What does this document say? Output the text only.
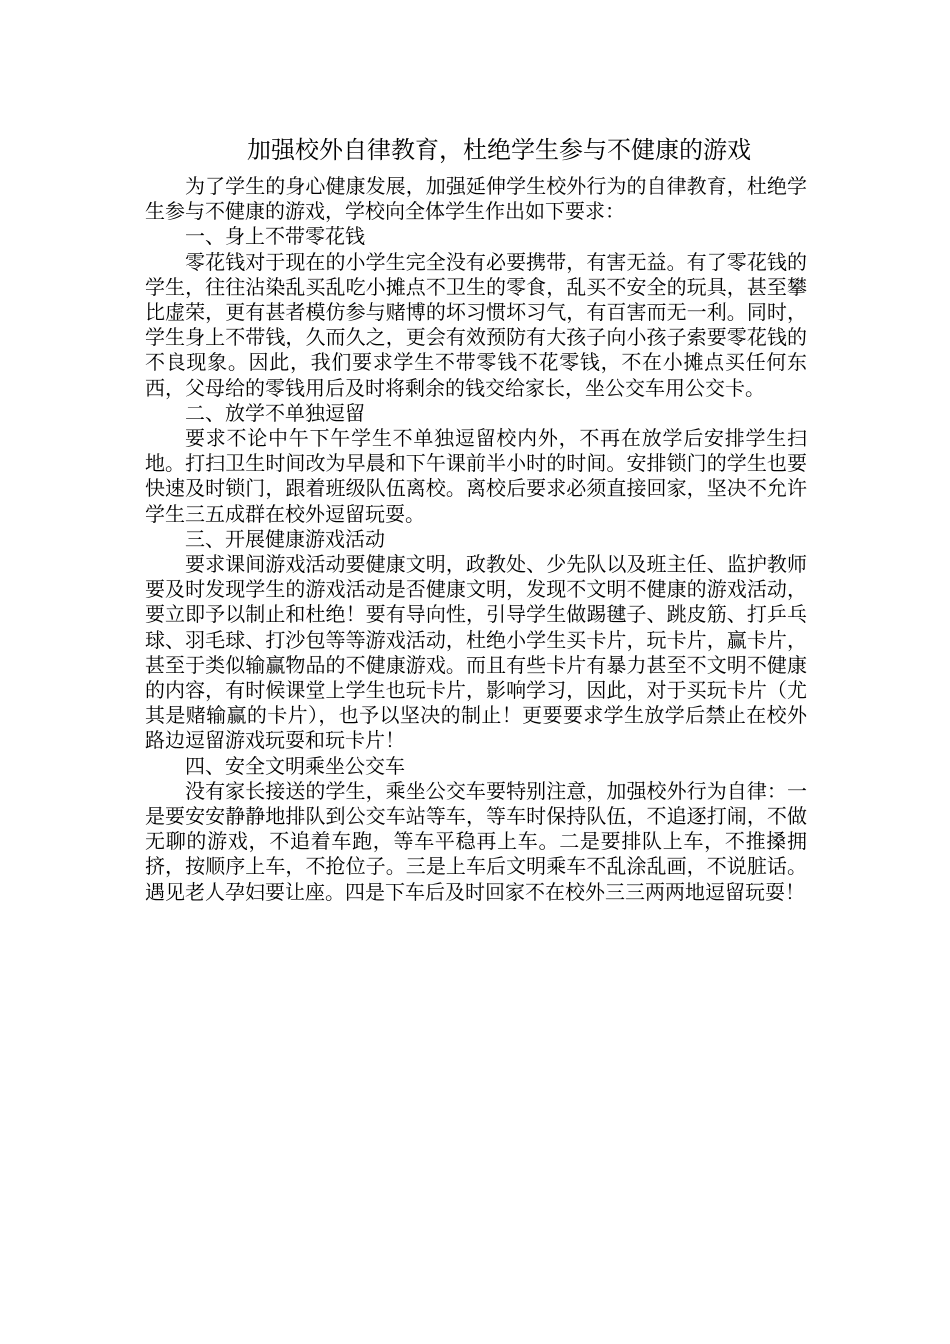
加强校外自律教育，杜绝学生参与不健康的游戏

为了学生的身心健康发展，加强延伸学生校外行为的自律教育，杜绝学生参与不健康的游戏，学校向全体学生作出如下要求：

一、身上不带零花钱

零花钱对于现在的小学生完全没有必要携带，有害无益。有了零花钱的学生，往往沾染乱买乱吃小摊点不卫生的零食，乱买不安全的玩具，甚至攀比虚荣，更有甚者模仿参与赌博的坏习惯坏习气，有百害而无一利。同时，学生身上不带钱，久而久之，更会有效预防有大孩子向小孩子索要零花钱的不良现象。因此，我们要求学生不带零钱不花零钱，不在小摊点买任何东西，父母给的零钱用后及时将剩余的钱交给家长，坐公交车用公交卡。

二、放学不单独逗留

要求不论中午下午学生不单独逗留校内外，不再在放学后安排学生扫地。打扫卫生时间改为早晨和下午课前半小时的时间。安排锁门的学生也要快速及时锁门，跟着班级队伍离校。离校后要求必须直接回家，坚决不允许学生三五成群在校外逗留玩耍。

三、开展健康游戏活动

要求课间游戏活动要健康文明，政教处、少先队以及班主任、监护教师要及时发现学生的游戏活动是否健康文明，发现不文明不健康的游戏活动，要立即予以制止和杜绝！要有导向性，引导学生做踢毽子、跳皮筋、打乒乓球、羽毛球、打沙包等等游戏活动，杜绝小学生买卡片，玩卡片，赢卡片，甚至于类似输赢物品的不健康游戏。而且有些卡片有暴力甚至不文明不健康的内容，有时候课堂上学生也玩卡片，影响学习，因此，对于买玩卡片（尤其是赌输赢的卡片），也予以坚决的制止！更要要求学生放学后禁止在校外路边逗留游戏玩耍和玩卡片！

四、安全文明乘坐公交车

没有家长接送的学生，乘坐公交车要特别注意，加强校外行为自律：一是要安安静静地排队到公交车站等车，等车时保持队伍，不追逐打闹，不做无聊的游戏，不追着车跑，等车平稳再上车。二是要排队上车，不推搡拥挤，按顺序上车，不抢位子。三是上车后文明乘车不乱涂乱画，不说脏话。遇见老人孕妇要让座。四是下车后及时回家不在校外三三两两地逗留玩耍！
